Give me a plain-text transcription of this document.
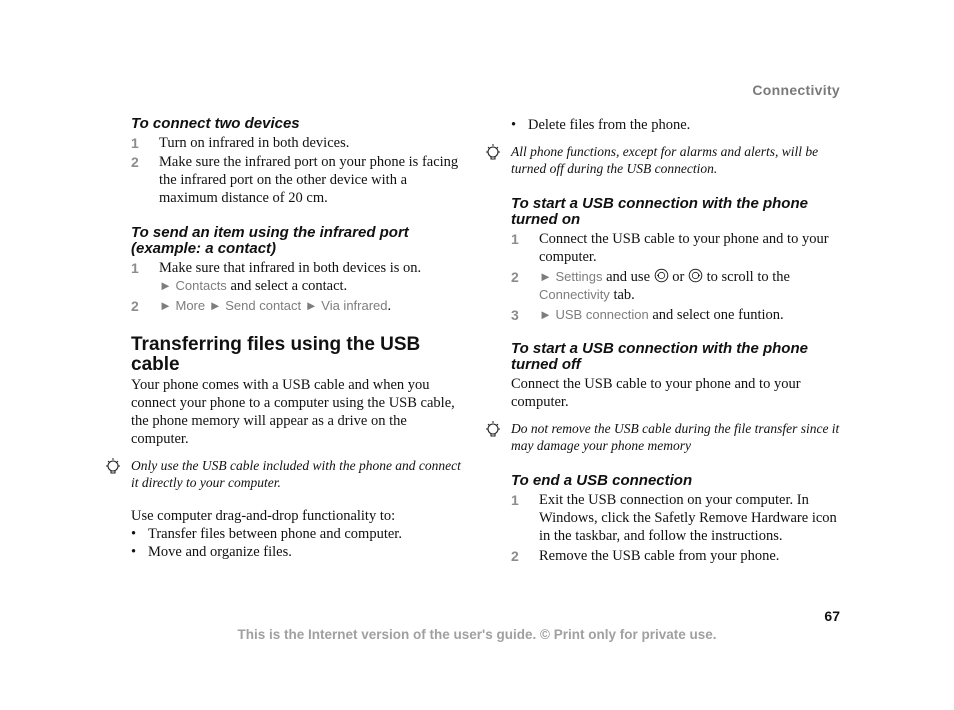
Connectivity
To connect two devices
1 Turn on infrared in both devices.
2 Make sure the infrared port on your phone is facing the infrared port on the other device with a maximum distance of 20 cm.
To send an item using the infrared port (example: a contact)
1 Make sure that infrared in both devices is on.
► Contacts and select a contact.
2 ► More ► Send contact ► Via infrared.
Transferring files using the USB cable

Your phone comes with a USB cable and when you connect your phone to a computer using the USB cable, the phone memory will appear as a drive on the computer.

Only use the USB cable included with the phone and connect it directly to your computer.

Use computer drag-and-drop functionality to:

• Transfer files between phone and computer.
• Move and organize files.
• Delete files from the phone.
All phone functions, except for alarms and alerts, will be turned off during the USB connection.
To start a USB connection with the phone turned on
1 Connect the USB cable to your phone and to your computer.
2 ► Settings and use or to scroll to the
Connectivity tab.
3 ► USB connection and select one funtion.
To start a USB connection with the phone turned off

Connect the USB cable to your phone and to your computer.

Do not remove the USB cable during the file transfer since it may damage your phone memory
To end a USB connection
1 Exit the USB connection on your computer. In Windows, click the Safetly Remove Hardware icon in the taskbar, and follow the instructions.
2 Remove the USB cable from your phone.
67
This is the Internet version of the user's guide. © Print only for private use.
